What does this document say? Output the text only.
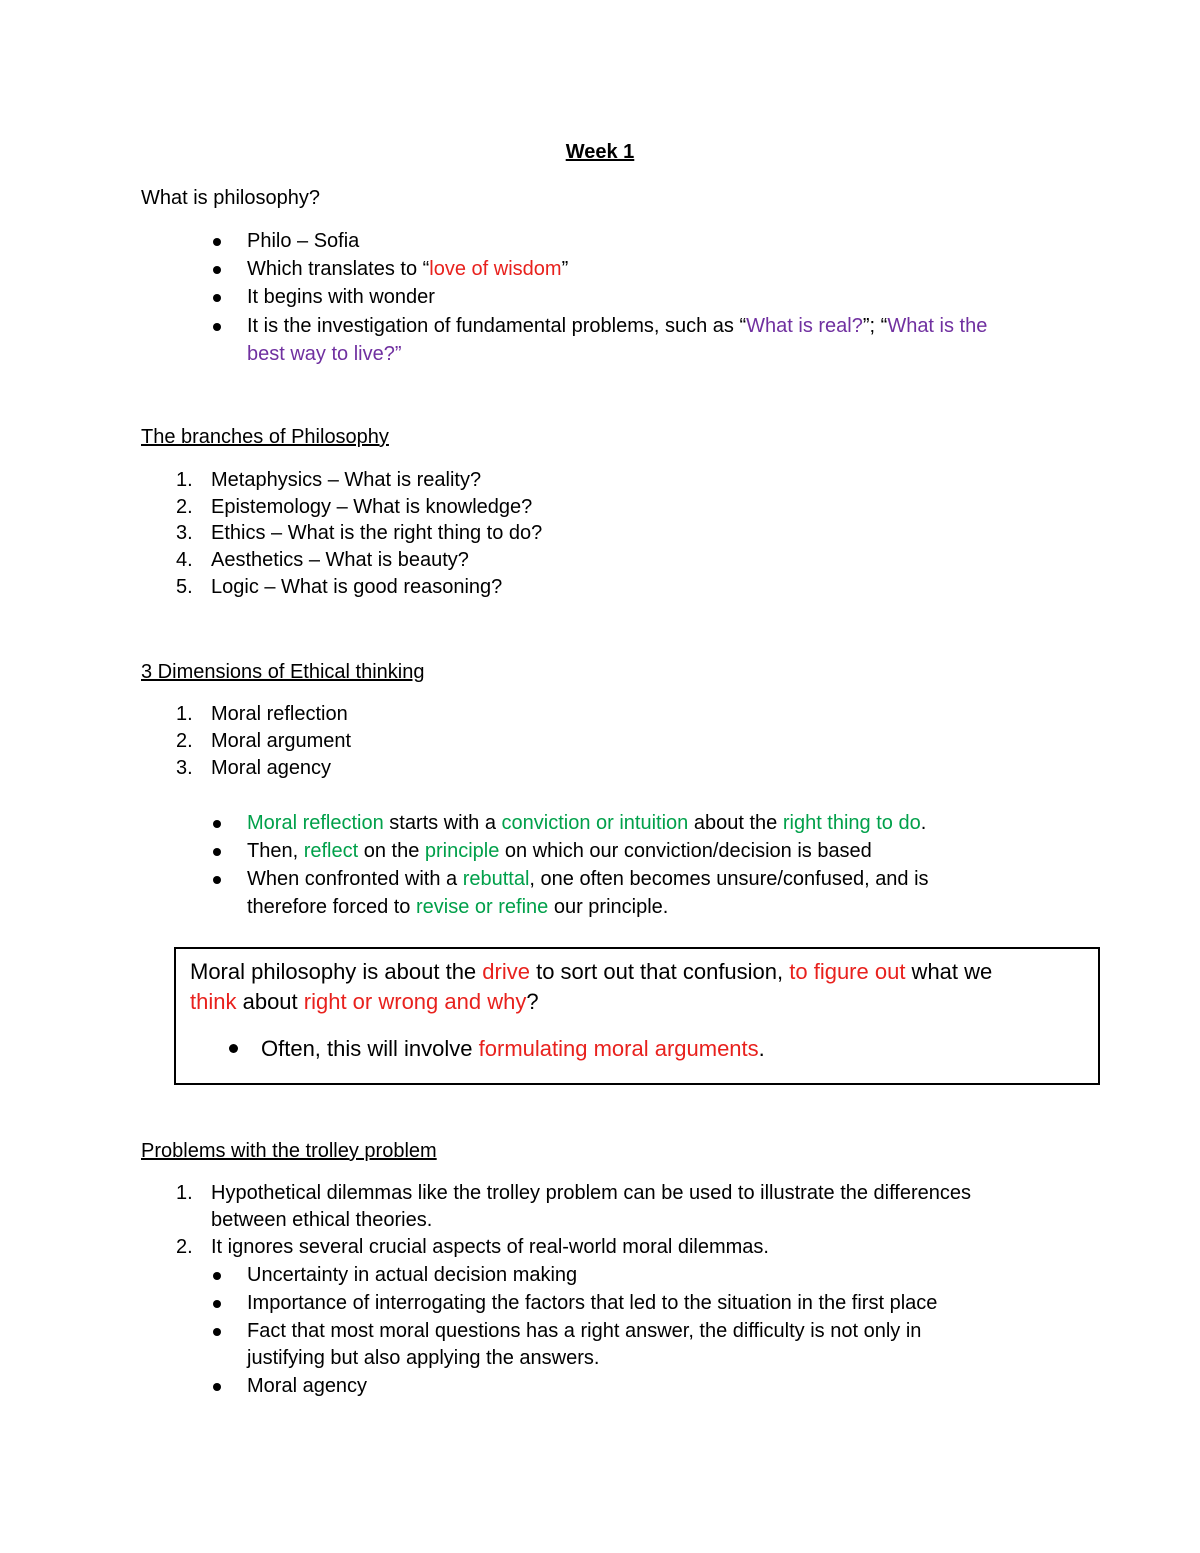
Week 1
What is philosophy?
Philo – Sofia
Which translates to “love of wisdom”
It begins with wonder
It is the investigation of fundamental problems, such as “What is real?”; “What is the
best way to live?”
The branches of Philosophy
1. Metaphysics – What is reality?
2. Epistemology – What is knowledge?
3. Ethics – What is the right thing to do?
4. Aesthetics – What is beauty?
5. Logic – What is good reasoning?
3 Dimensions of Ethical thinking
1. Moral reflection
2. Moral argument
3. Moral agency
Moral reflection starts with a conviction or intuition about the right thing to do.
Then, reflect on the principle on which our conviction/decision is based
When confronted with a rebuttal, one often becomes unsure/confused, and is
therefore forced to revise or refine our principle.
Moral philosophy is about the drive to sort out that confusion, to figure out what we
think about right or wrong and why?
Often, this will involve formulating moral arguments.
Problems with the trolley problem
1. Hypothetical dilemmas like the trolley problem can be used to illustrate the differences
between ethical theories.
2. It ignores several crucial aspects of real-world moral dilemmas.
Uncertainty in actual decision making
Importance of interrogating the factors that led to the situation in the first place
Fact that most moral questions has a right answer, the difficulty is not only in
justifying but also applying the answers.
Moral agency
